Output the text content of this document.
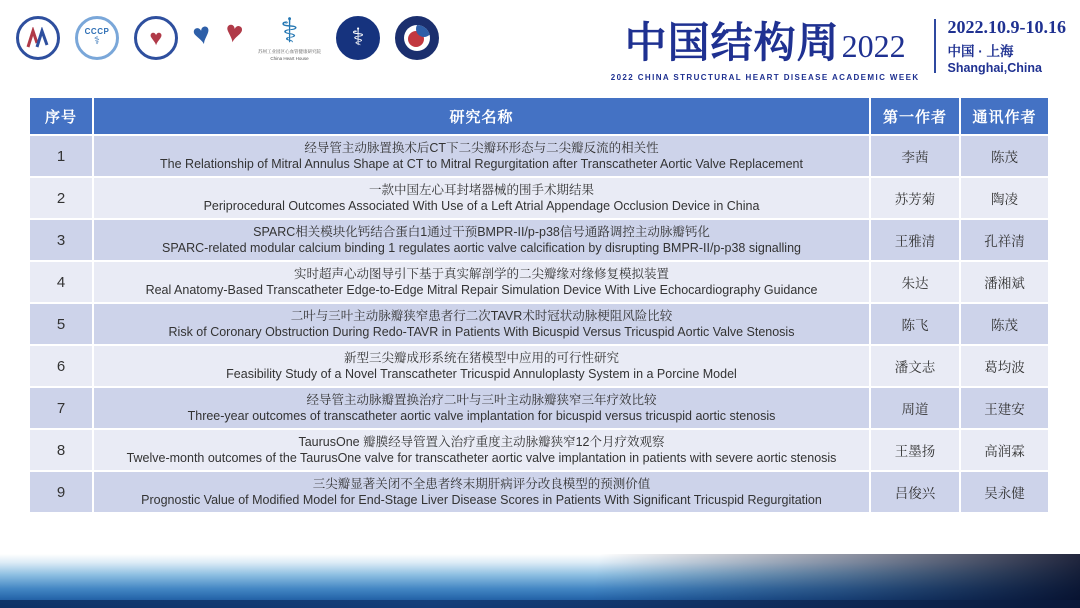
CCCP
⚕ ♥ ♥ ♥ ⚕
苏州工业园区心血管健康研究院
China Heart House
⚕	中国结构周2022
2022 CHINA STRUCTURAL HEART DISEASE ACADEMIC WEEK
2022.10.9-10.16
中国 · 上海
Shanghai,China
序号	研究名称	第一作者	通讯作者
1	经导管主动脉置换术后CT下二尖瓣环形态与二尖瓣反流的相关性
The Relationship of Mitral Annulus Shape at CT to Mitral Regurgitation after Transcatheter Aortic Valve Replacement	李茜	陈茂
2	一款中国左心耳封堵器械的围手术期结果
Periprocedural Outcomes Associated With Use of a Left Atrial Appendage Occlusion Device in China	苏芳菊	陶凌
3	SPARC相关模块化钙结合蛋白1通过干预BMPR-II/p-p38信号通路调控主动脉瓣钙化
SPARC-related modular calcium binding 1 regulates aortic valve calcification by disrupting BMPR-II/p-p38 signalling	王雅清	孔祥清
4	实时超声心动图导引下基于真实解剖学的二尖瓣缘对缘修复模拟装置
Real Anatomy-Based Transcatheter Edge-to-Edge Mitral Repair Simulation Device With Live Echocardiography Guidance	朱达	潘湘斌
5	二叶与三叶主动脉瓣狭窄患者行二次TAVR术时冠状动脉梗阻风险比较
Risk of Coronary Obstruction During Redo-TAVR in Patients With Bicuspid Versus Tricuspid Aortic Valve Stenosis	陈飞	陈茂
6	新型三尖瓣成形系统在猪模型中应用的可行性研究
Feasibility Study of a Novel Transcatheter Tricuspid Annuloplasty System in a Porcine Model	潘文志	葛均波
7	经导管主动脉瓣置换治疗二叶与三叶主动脉瓣狭窄三年疗效比较
Three-year outcomes of transcatheter aortic valve implantation for bicuspid versus tricuspid aortic stenosis	周道	王建安
8	TaurusOne 瓣膜经导管置入治疗重度主动脉瓣狭窄12个月疗效观察
Twelve-month outcomes of the TaurusOne valve for transcatheter aortic valve implantation in patients with severe aortic stenosis	王墨扬	高润霖
9	三尖瓣显著关闭不全患者终末期肝病评分改良模型的预测价值
Prognostic Value of Modified Model for End-Stage Liver Disease Scores in Patients With Significant Tricuspid Regurgitation	吕俊兴	吴永健
